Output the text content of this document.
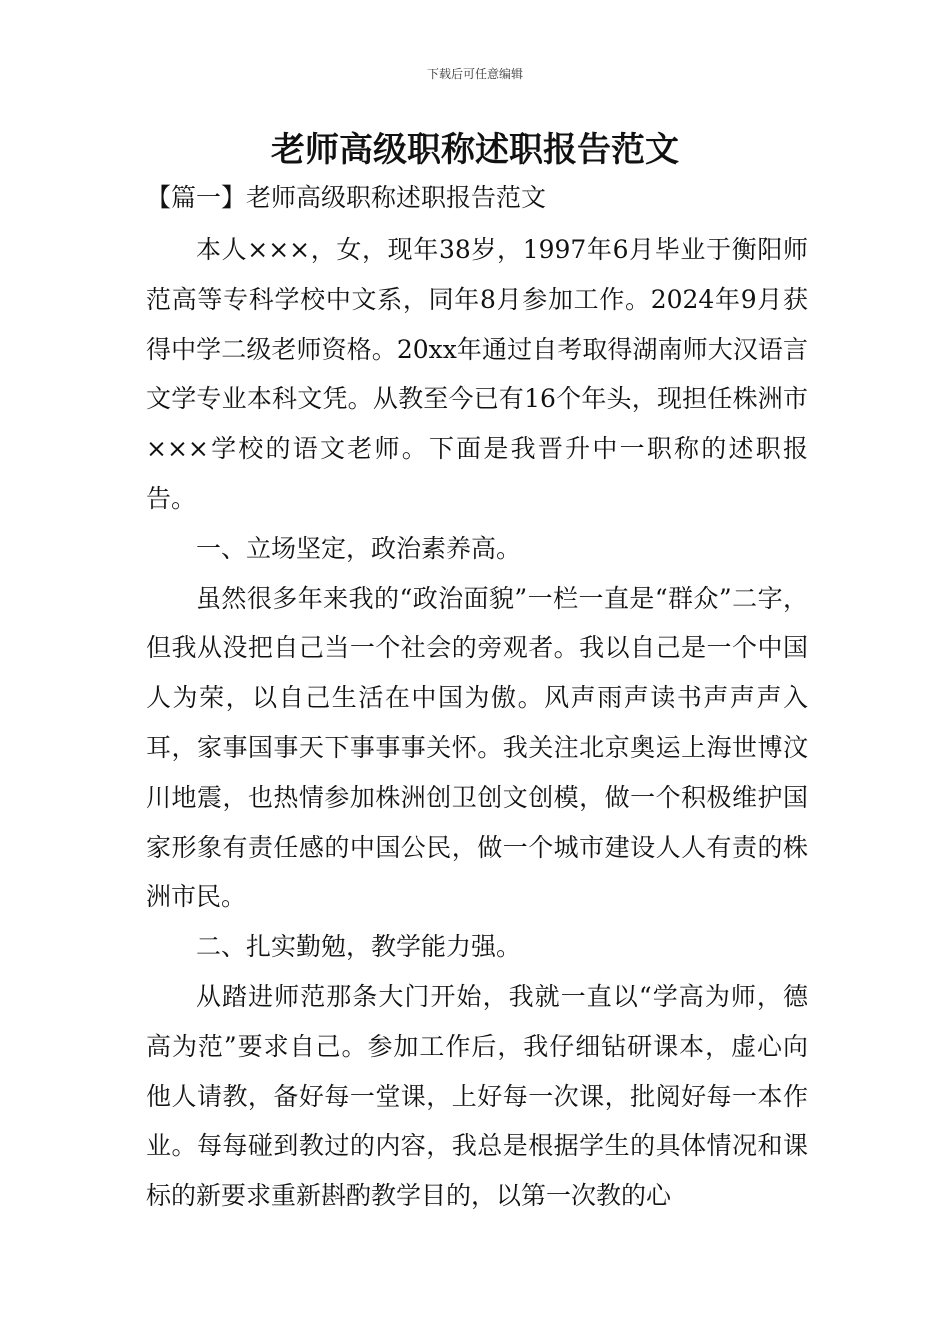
下载后可任意编辑
老师高级职称述职报告范文
【篇一】老师高级职称述职报告范文

本人×××，女，现年38岁，1997年6月毕业于衡阳师范高等专科学校中文系，同年8月参加工作。2024年9月获得中学二级老师资格。20xx年通过自考取得湖南师大汉语言文学专业本科文凭。从教至今已有16个年头，现担任株洲市×××学校的语文老师。下面是我晋升中一职称的述职报告。

一、立场坚定，政治素养高。

虽然很多年来我的“政治面貌”一栏一直是“群众”二字，但我从没把自己当一个社会的旁观者。我以自己是一个中国人为荣，以自己生活在中国为傲。风声雨声读书声声声入耳，家事国事天下事事事关怀。我关注北京奥运上海世博汶川地震，也热情参加株洲创卫创文创模，做一个积极维护国家形象有责任感的中国公民，做一个城市建设人人有责的株洲市民。

二、扎实勤勉，教学能力强。

从踏进师范那条大门开始，我就一直以“学高为师，德高为范”要求自己。参加工作后，我仔细钻研课本，虚心向他人请教，备好每一堂课，上好每一次课，批阅好每一本作业。每每碰到教过的内容，我总是根据学生的具体情况和课标的新要求重新斟酌教学目的，以第一次教的心
